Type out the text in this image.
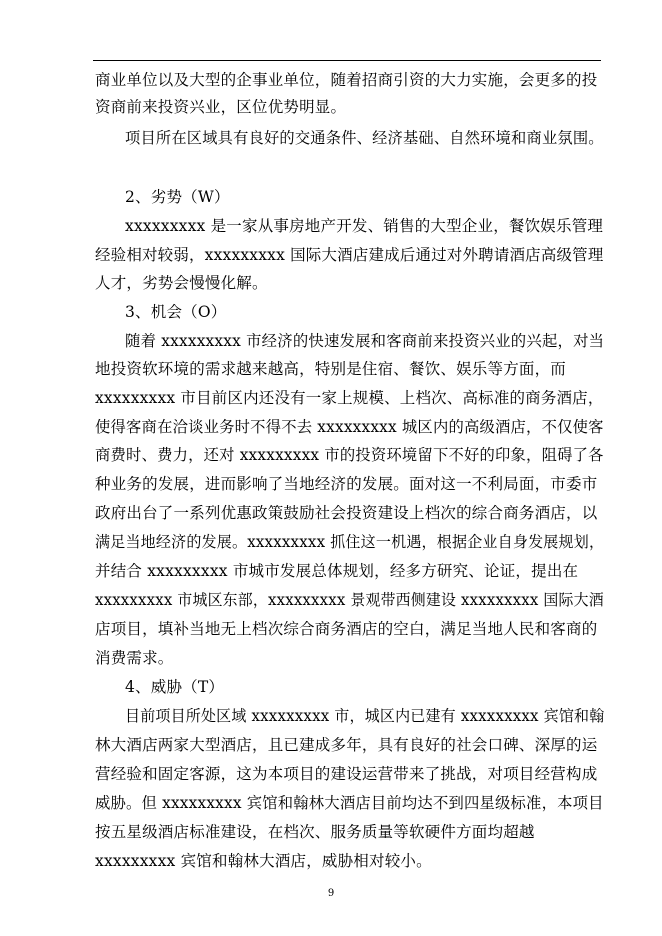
商业单位以及大型的企事业单位，随着招商引资的大力实施，会更多的投
资商前来投资兴业，区位优势明显。
项目所在区域具有良好的交通条件、经济基础、自然环境和商业氛围。
2、劣势（W）
xxxxxxxxx 是一家从事房地产开发、销售的大型企业，餐饮娱乐管理
经验相对较弱，xxxxxxxxx 国际大酒店建成后通过对外聘请酒店高级管理
人才，劣势会慢慢化解。
3、机会（O）
随着 xxxxxxxxx 市经济的快速发展和客商前来投资兴业的兴起，对当
地投资软环境的需求越来越高，特别是住宿、餐饮、娱乐等方面，而
xxxxxxxxx 市目前区内还没有一家上规模、上档次、高标准的商务酒店，
使得客商在洽谈业务时不得不去 xxxxxxxxx 城区内的高级酒店，不仅使客
商费时、费力，还对 xxxxxxxxx 市的投资环境留下不好的印象，阻碍了各
种业务的发展，进而影响了当地经济的发展。面对这一不利局面，市委市
政府出台了一系列优惠政策鼓励社会投资建设上档次的综合商务酒店，以
满足当地经济的发展。xxxxxxxxx 抓住这一机遇，根据企业自身发展规划，
并结合 xxxxxxxxx 市城市发展总体规划，经多方研究、论证，提出在
xxxxxxxxx 市城区东部，xxxxxxxxx 景观带西侧建设 xxxxxxxxx 国际大酒
店项目，填补当地无上档次综合商务酒店的空白，满足当地人民和客商的
消费需求。
4、威胁（T）
目前项目所处区域 xxxxxxxxx 市，城区内已建有 xxxxxxxxx 宾馆和翰
林大酒店两家大型酒店，且已建成多年，具有良好的社会口碑、深厚的运
营经验和固定客源，这为本项目的建设运营带来了挑战，对项目经营构成
威胁。但 xxxxxxxxx 宾馆和翰林大酒店目前均达不到四星级标准，本项目
按五星级酒店标准建设，在档次、服务质量等软硬件方面均超越
xxxxxxxxx 宾馆和翰林大酒店，威胁相对较小。
9
